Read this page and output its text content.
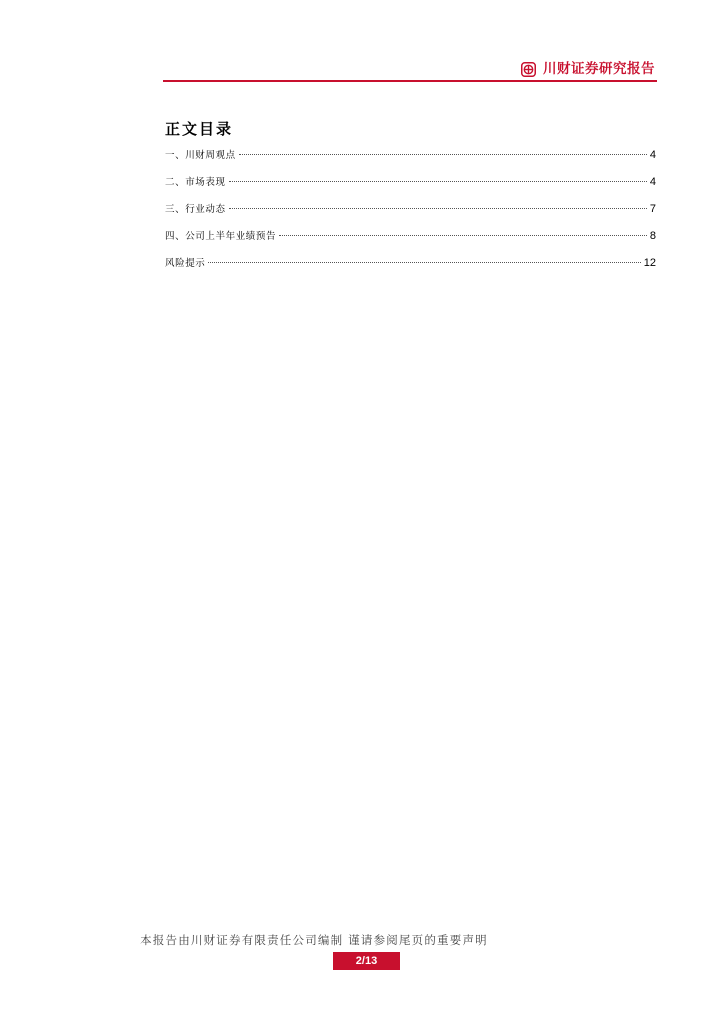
川财证券研究报告
正文目录
一、川财周观点	4
二、市场表现	4
三、行业动态	7
四、公司上半年业绩预告	8
风险提示	12
本报告由川财证券有限责任公司编制 谨请参阅尾页的重要声明
2/13
